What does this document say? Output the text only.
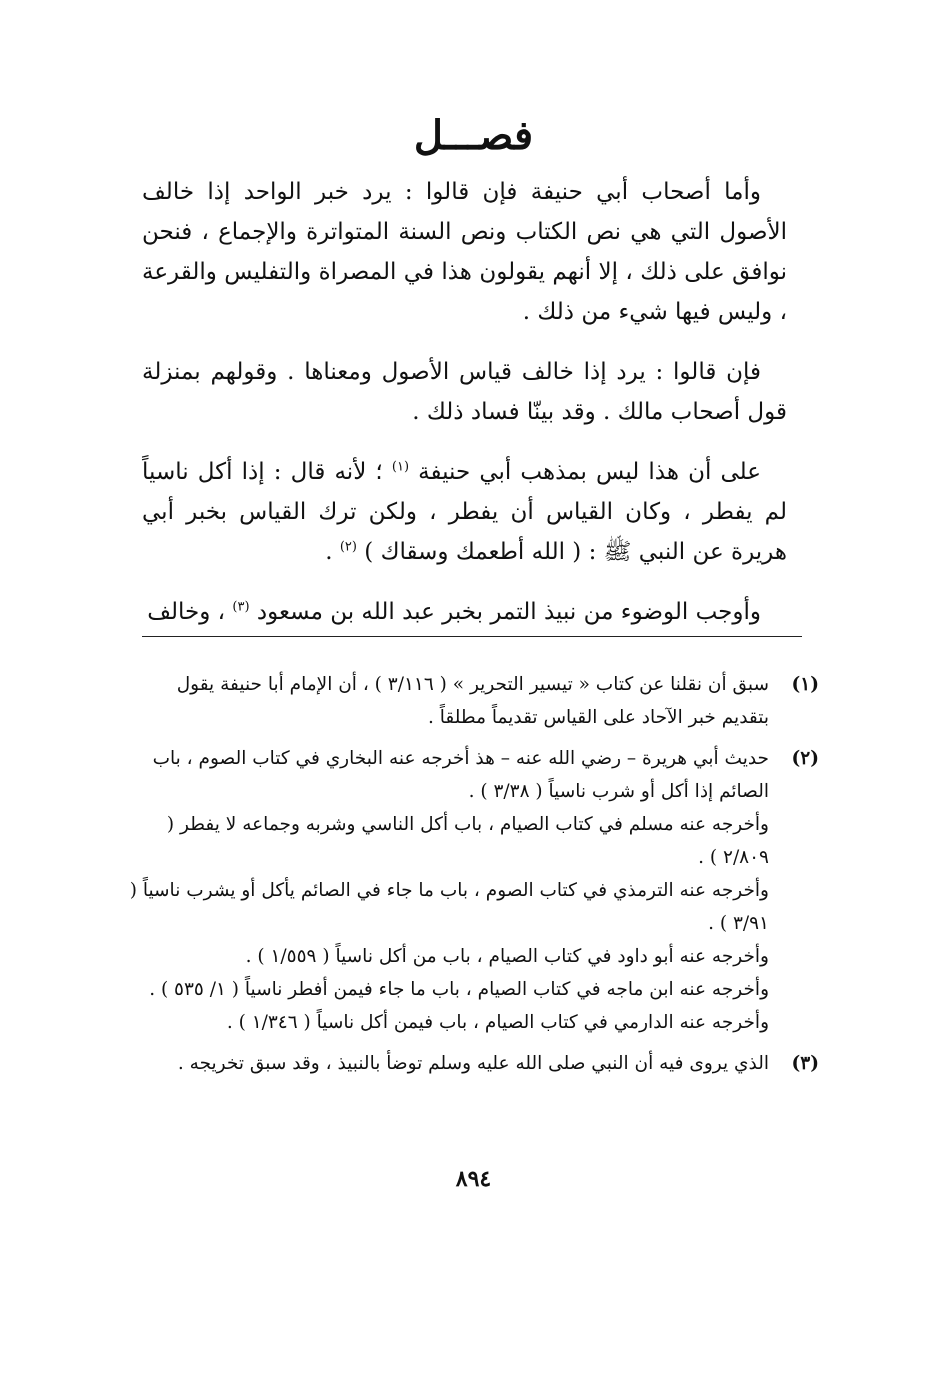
فصـــل

وأما أصحاب أبي حنيفة فإن قالوا : يرد خبر الواحد إذا خالف الأصول التي هي نص الكتاب ونص السنة المتواترة والإجماع ، فنحن نوافق على ذلك ، إلا أنهم يقولون هذا في المصراة والتفليس والقرعة ، وليس فيها شيء من ذلك .

فإن قالوا : يرد إذا خالف قياس الأصول ومعناها . وقولهم بمنزلة قول أصحاب مالك . وقد بينّا فساد ذلك .

على أن هذا ليس بمذهب أبي حنيفة $^{(١)}$ ؛ لأنه قال : إذا أكل ناسياً لم يفطر ، وكان القياس أن يفطر ، ولكن ترك القياس بخبر أبي هريرة عن النبي ﷺ : ( الله أطعمك وسقاك ) $^{(٢)}$ .

وأوجب الوضوء من نبيذ التمر بخبر عبد الله بن مسعود $^{(٣)}$ ، وخالف

(١)

سبق أن نقلنا عن كتاب « تيسير التحرير » ( ٣/١١٦ ) ، أن الإمام أبا حنيفة يقول بتقديم خبر الآحاد على القياس تقديماً مطلقاً .

(٢)

حديث أبي هريرة – رضي الله عنه – هذ أخرجه عنه البخاري في كتاب الصوم ، باب الصائم إذا أكل أو شرب ناسياً ( ٣/٣٨ ) .

وأخرجه عنه مسلم في كتاب الصيام ، باب أكل الناسي وشربه وجماعه لا يفطر ( ٢/٨٠٩ ) .

وأخرجه عنه الترمذي في كتاب الصوم ، باب ما جاء في الصائم يأكل أو يشرب ناسياً ( ٣/٩١ ) .

وأخرجه عنه أبو داود في كتاب الصيام ، باب من أكل ناسياً ( ١/٥٥٩ ) .

وأخرجه عنه ابن ماجه في كتاب الصيام ، باب ما جاء فيمن أفطر ناسياً ( ١/ ٥٣٥ ) .

وأخرجه عنه الدارمي في كتاب الصيام ، باب فيمن أكل ناسياً ( ١/٣٤٦ ) .

(٣)

الذي يروى فيه أن النبي صلى الله عليه وسلم توضأ بالنبيذ ، وقد سبق تخريجه .

٨٩٤
